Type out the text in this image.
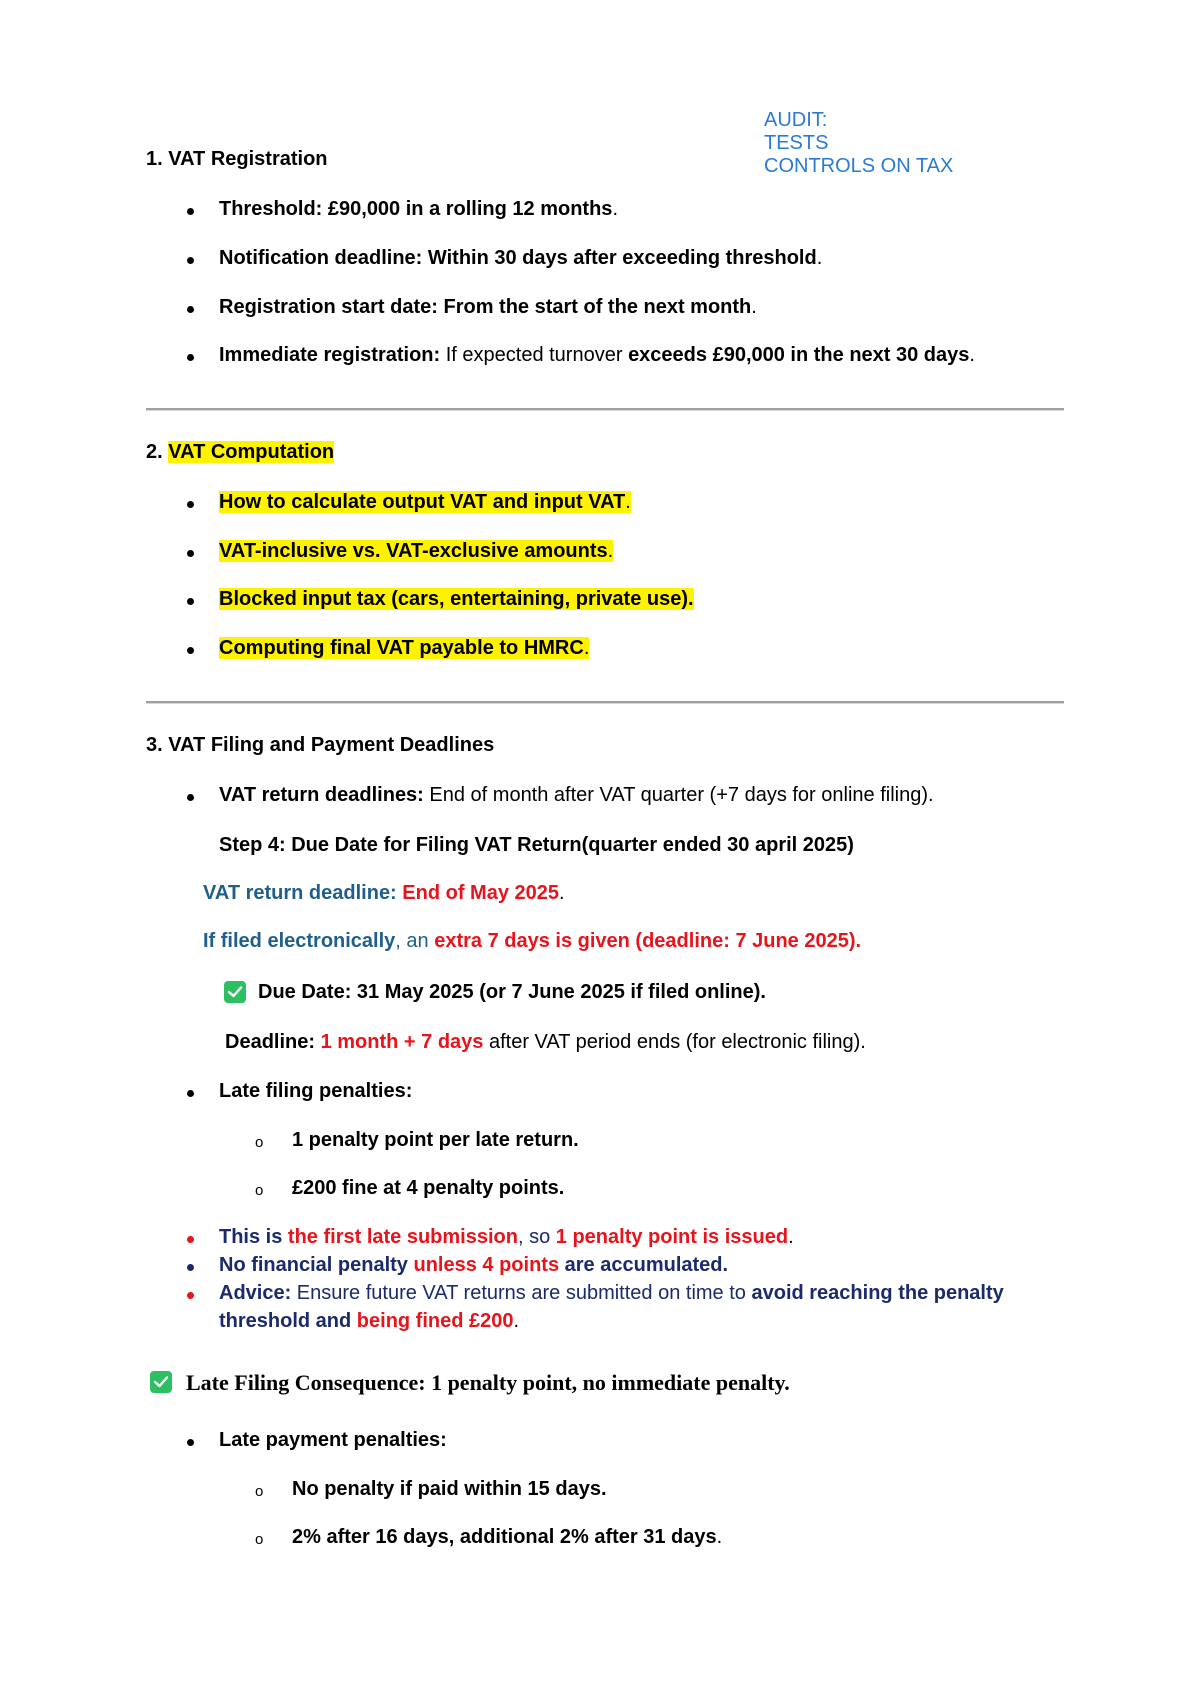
AUDIT:
TESTS
CONTROLS ON TAX
1. VAT Registration
Threshold: £90,000 in a rolling 12 months.
Notification deadline: Within 30 days after exceeding threshold.
Registration start date: From the start of the next month.
Immediate registration: If expected turnover exceeds £90,000 in the next 30 days.
2. VAT Computation
How to calculate output VAT and input VAT.
VAT-inclusive vs. VAT-exclusive amounts.
Blocked input tax (cars, entertaining, private use).
Computing final VAT payable to HMRC.
3. VAT Filing and Payment Deadlines
VAT return deadlines: End of month after VAT quarter (+7 days for online filing).
Step 4: Due Date for Filing VAT Return(quarter ended 30 april 2025)
VAT return deadline: End of May 2025.
If filed electronically, an extra 7 days is given (deadline: 7 June 2025).
Due Date: 31 May 2025 (or 7 June 2025 if filed online).
Deadline: 1 month + 7 days after VAT period ends (for electronic filing).
Late filing penalties:
o 1 penalty point per late return.
o £200 fine at 4 penalty points.
This is the first late submission, so 1 penalty point is issued.
No financial penalty unless 4 points are accumulated.
Advice: Ensure future VAT returns are submitted on time to avoid reaching the penalty
threshold and being fined £200.
Late Filing Consequence: 1 penalty point, no immediate penalty.
Late payment penalties:
o No penalty if paid within 15 days.
o 2% after 16 days, additional 2% after 31 days.
